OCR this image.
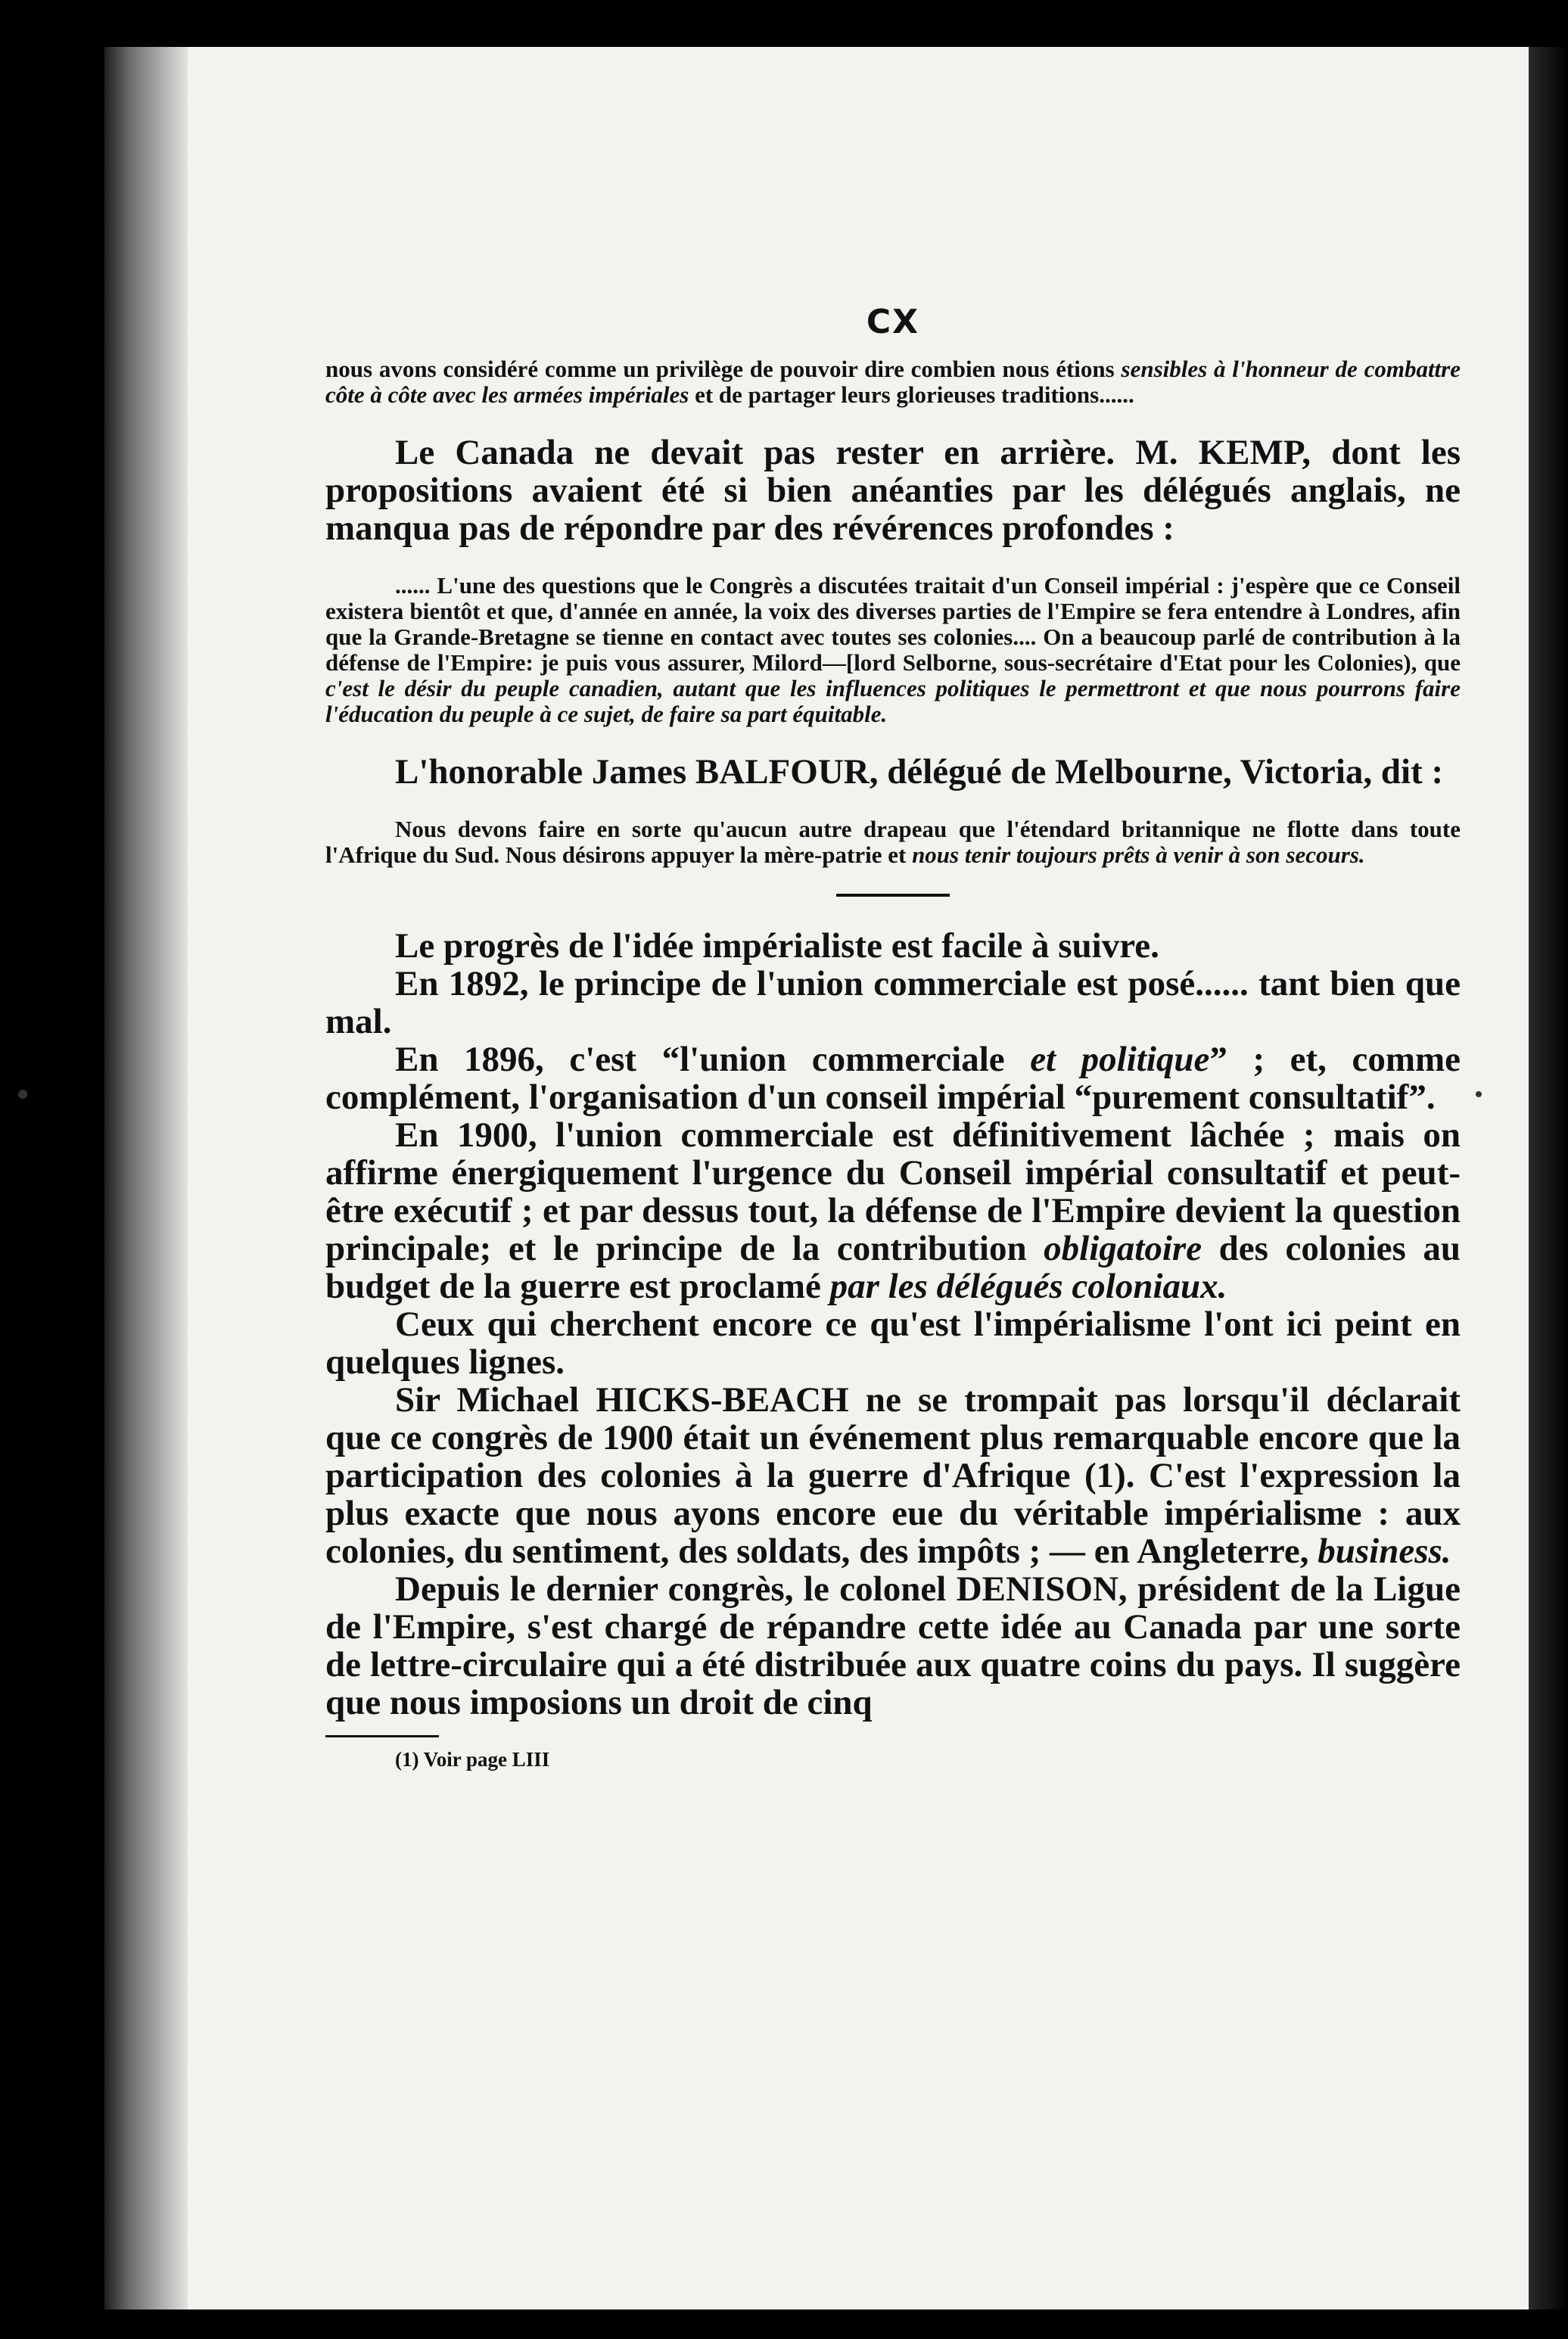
CX

nous avons considéré comme un privilège de pouvoir dire combien nous étions sensibles à l'honneur de combattre côte à côte avec les armées impériales et de partager leurs glorieuses traditions......

Le Canada ne devait pas rester en arrière. M. KEMP, dont les propositions avaient été si bien anéanties par les délégués anglais, ne manqua pas de répondre par des révérences profondes :

...... L'une des questions que le Congrès a discutées traitait d'un Conseil impérial : j'espère que ce Conseil existera bientôt et que, d'année en année, la voix des diverses parties de l'Empire se fera entendre à Londres, afin que la Grande-Bretagne se tienne en contact avec toutes ses colonies.... On a beaucoup parlé de contribution à la défense de l'Empire: je puis vous assurer, Milord—[lord Selborne, sous-secrétaire d'Etat pour les Colonies), que c'est le désir du peuple canadien, autant que les influences politiques le permettront et que nous pourrons faire l'éducation du peuple à ce sujet, de faire sa part équitable.

L'honorable James BALFOUR, délégué de Melbourne, Victoria, dit :

Nous devons faire en sorte qu'aucun autre drapeau que l'étendard britannique ne flotte dans toute l'Afrique du Sud. Nous désirons appuyer la mère-patrie et nous tenir toujours prêts à venir à son secours.

Le progrès de l'idée impérialiste est facile à suivre.

En 1892, le principe de l'union commerciale est posé...... tant bien que mal.

En 1896, c'est “l'union commerciale et politique” ; et, comme complément, l'organisation d'un conseil impérial “purement consultatif”.

En 1900, l'union commerciale est définitivement lâchée ; mais on affirme énergiquement l'urgence du Conseil impérial consultatif et peut-être exécutif ; et par dessus tout, la défense de l'Empire devient la question principale; et le principe de la contribution obligatoire des colonies au budget de la guerre est proclamé par les délégués coloniaux.

Ceux qui cherchent encore ce qu'est l'impérialisme l'ont ici peint en quelques lignes.

Sir Michael HICKS-BEACH ne se trompait pas lorsqu'il déclarait que ce congrès de 1900 était un événement plus remarquable encore que la participation des colonies à la guerre d'Afrique (1). C'est l'expression la plus exacte que nous ayons encore eue du véritable impérialisme : aux colonies, du sentiment, des soldats, des impôts ; — en Angleterre, business.

Depuis le dernier congrès, le colonel DENISON, président de la Ligue de l'Empire, s'est chargé de répandre cette idée au Canada par une sorte de lettre-circulaire qui a été distribuée aux quatre coins du pays. Il suggère que nous imposions un droit de cinq

(1) Voir page LIII
